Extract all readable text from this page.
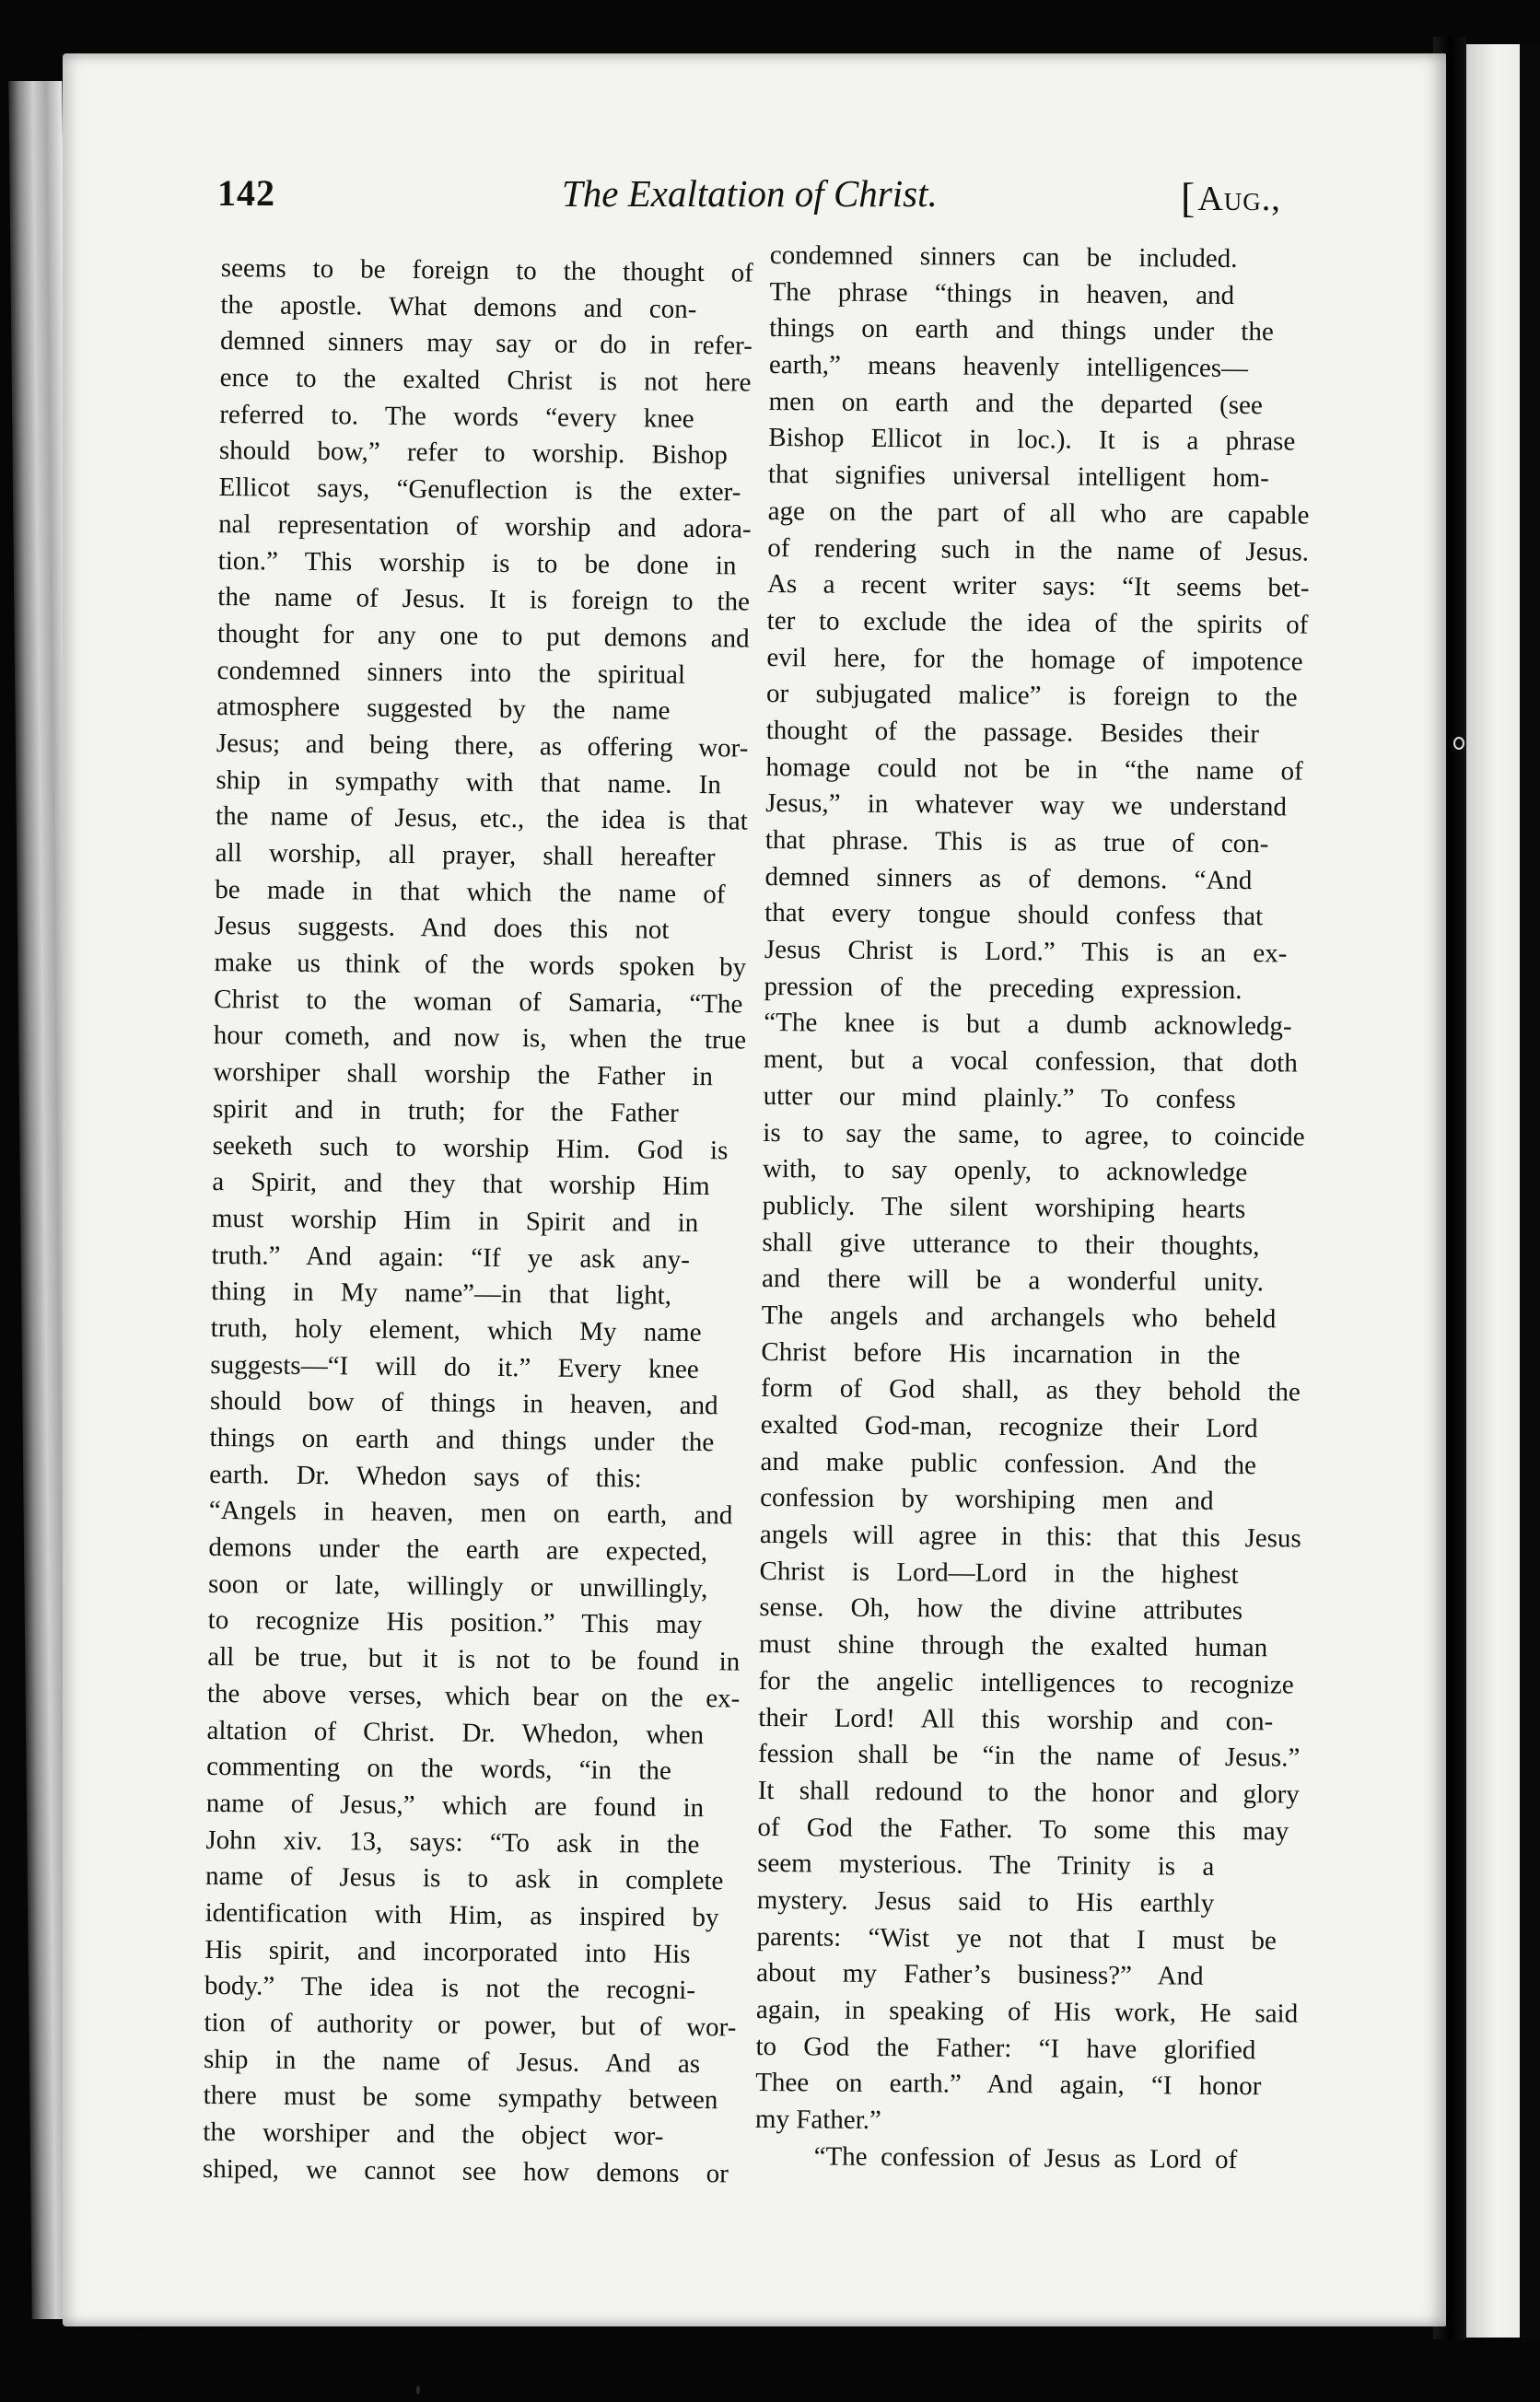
142	The Exaltation of Christ.	[Aug.,
seems to be foreign to the thought of
the apostle. What demons and con-
demned sinners may say or do in refer-
ence to the exalted Christ is not here
referred to. The words “every knee
should bow,” refer to worship. Bishop
Ellicot says, “Genuflection is the exter-
nal representation of worship and adora-
tion.” This worship is to be done in
the name of Jesus. It is foreign to the
thought for any one to put demons and
condemned sinners into the spiritual
atmosphere suggested by the name
Jesus; and being there, as offering wor-
ship in sympathy with that name. In
the name of Jesus, etc., the idea is that
all worship, all prayer, shall hereafter
be made in that which the name of
Jesus suggests. And does this not
make us think of the words spoken by
Christ to the woman of Samaria, “The
hour cometh, and now is, when the true
worshiper shall worship the Father in
spirit and in truth; for the Father
seeketh such to worship Him. God is
a Spirit, and they that worship Him
must worship Him in Spirit and in
truth.” And again: “If ye ask any-
thing in My name”—in that light,
truth, holy element, which My name
suggests—“I will do it.” Every knee
should bow of things in heaven, and
things on earth and things under the
earth. Dr. Whedon says of this:
“Angels in heaven, men on earth, and
demons under the earth are expected,
soon or late, willingly or unwillingly,
to recognize His position.” This may
all be true, but it is not to be found in
the above verses, which bear on the ex-
altation of Christ. Dr. Whedon, when
commenting on the words, “in the
name of Jesus,” which are found in
John xiv. 13, says: “To ask in the
name of Jesus is to ask in complete
identification with Him, as inspired by
His spirit, and incorporated into His
body.” The idea is not the recogni-
tion of authority or power, but of wor-
ship in the name of Jesus. And as
there must be some sympathy between
the worshiper and the object wor-
shiped, we cannot see how demons or
condemned sinners can be included.
The phrase “things in heaven, and
things on earth and things under the
earth,” means heavenly intelligences—
men on earth and the departed (see
Bishop Ellicot in loc.). It is a phrase
that signifies universal intelligent hom-
age on the part of all who are capable
of rendering such in the name of Jesus.
As a recent writer says: “It seems bet-
ter to exclude the idea of the spirits of
evil here, for the homage of impotence
or subjugated malice” is foreign to the
thought of the passage. Besides their
homage could not be in “the name of
Jesus,” in whatever way we understand
that phrase. This is as true of con-
demned sinners as of demons. “And
that every tongue should confess that
Jesus Christ is Lord.” This is an ex-
pression of the preceding expression.
“The knee is but a dumb acknowledg-
ment, but a vocal confession, that doth
utter our mind plainly.” To confess
is to say the same, to agree, to coincide
with, to say openly, to acknowledge
publicly. The silent worshiping hearts
shall give utterance to their thoughts,
and there will be a wonderful unity.
The angels and archangels who beheld
Christ before His incarnation in the
form of God shall, as they behold the
exalted God-man, recognize their Lord
and make public confession. And the
confession by worshiping men and
angels will agree in this: that this Jesus
Christ is Lord—Lord in the highest
sense. Oh, how the divine attributes
must shine through the exalted human
for the angelic intelligences to recognize
their Lord! All this worship and con-
fession shall be “in the name of Jesus.”
It shall redound to the honor and glory
of God the Father. To some this may
seem mysterious. The Trinity is a
mystery. Jesus said to His earthly
parents: “Wist ye not that I must be
about my Father’s business?” And
again, in speaking of His work, He said
to God the Father: “I have glorified
Thee on earth.” And again, “I honor
my Father.”
“The confession of Jesus as Lord of
